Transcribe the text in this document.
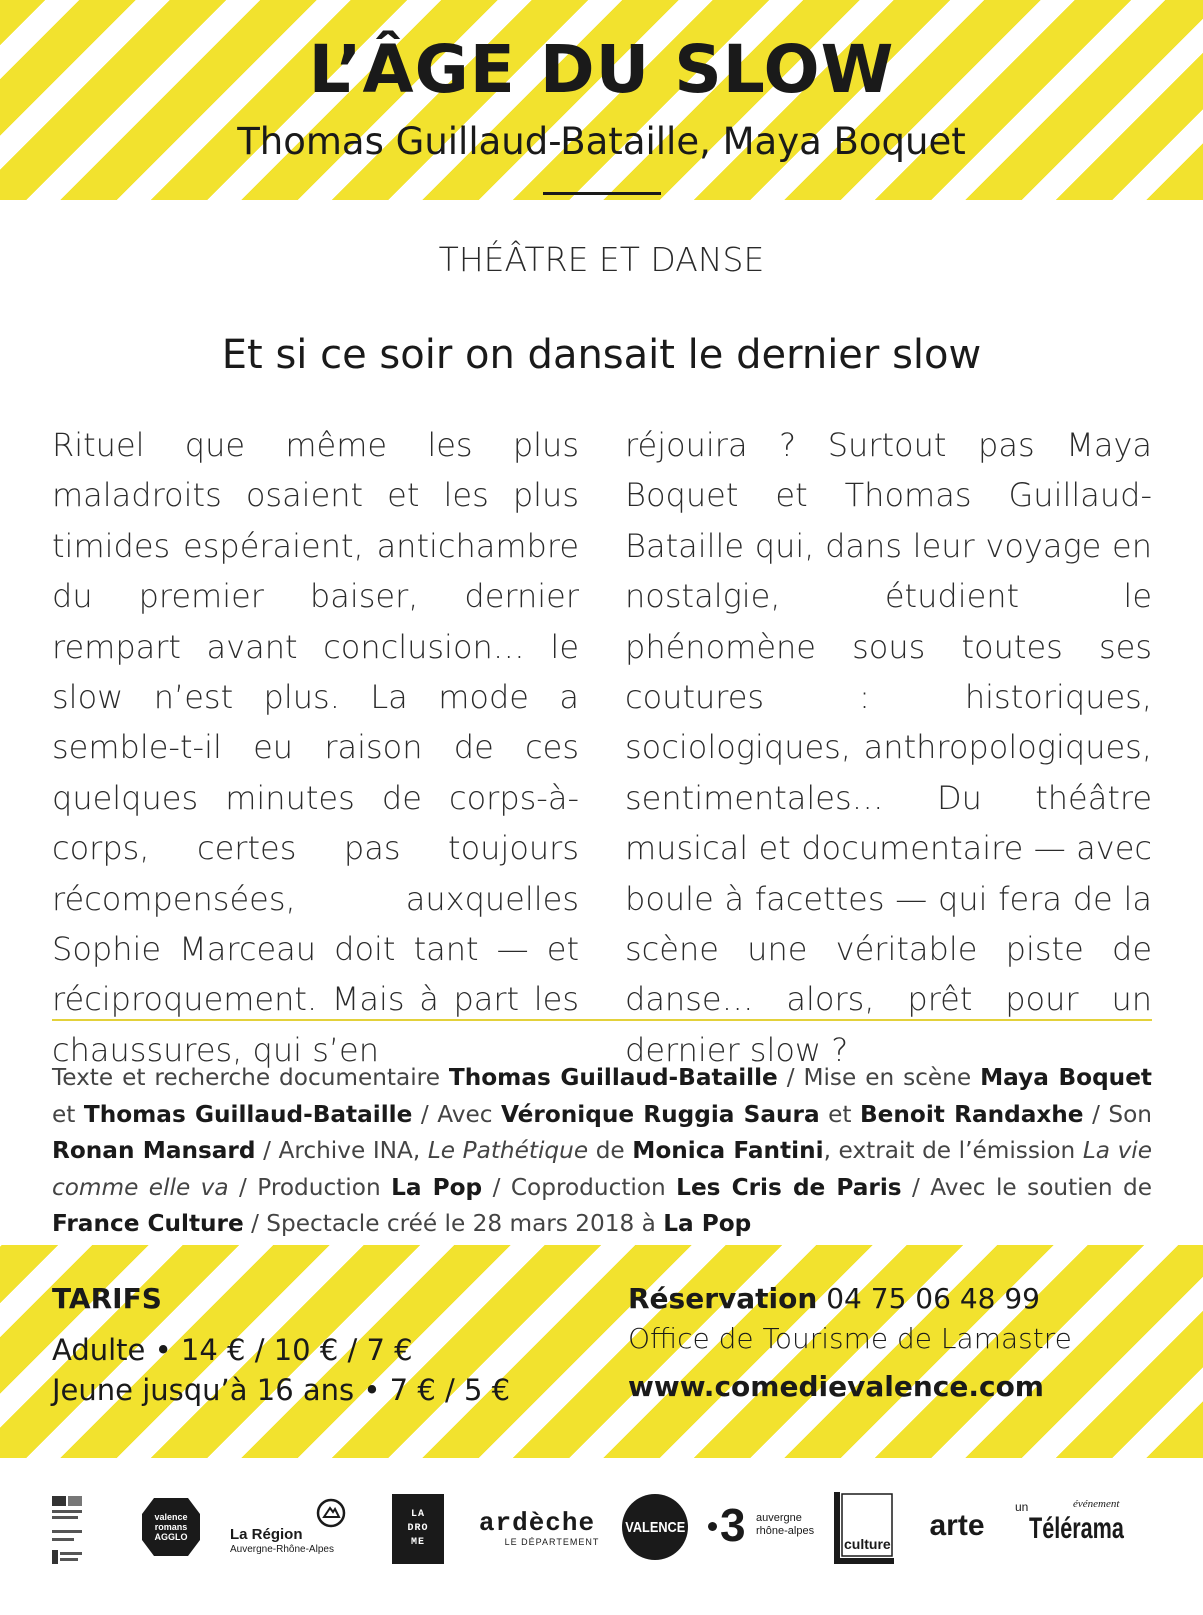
L’ÂGE DU SLOW
Thomas Guillaud-Bataille, Maya Boquet
THÉÂTRE ET DANSE
Et si ce soir on dansait le dernier slow
Rituel que même les plus maladroits osaient et les plus timides espéraient, antichambre du premier baiser, dernier rempart avant conclusion… le slow n’est plus. La mode a semble-t-il eu raison de ces quelques minutes de corps-à-corps, certes pas toujours récompensées, auxquelles Sophie Marceau doit tant — et réciproquement. Mais à part les chaussures, qui s’en
réjouira ? Surtout pas Maya Boquet et Thomas Guillaud-Bataille qui, dans leur voyage en nostalgie, étudient le phénomène sous toutes ses coutures : historiques, sociologiques, anthropologiques, sentimentales… Du théâtre musical et documentaire — avec boule à facettes — qui fera de la scène une véritable piste de danse… alors, prêt pour un dernier slow ?
Texte et recherche documentaire Thomas Guillaud-Bataille / Mise en scène Maya Boquet et Thomas Guillaud-Bataille / Avec Véronique Ruggia Saura et Benoit Randaxhe / Son Ronan Mansard / Archive INA, Le Pathétique de Monica Fantini, extrait de l’émission La vie comme elle va / Production La Pop / Coproduction Les Cris de Paris / Avec le soutien de France Culture / Spectacle créé le 28 mars 2018 à La Pop
TARIFS
Adulte • 14 € / 10 € / 7 €
Jeune jusqu’à 16 ans • 7 € / 5 €
Réservation 04 75 06 48 99
Office de Tourisme de Lamastre
www.comedievalence.com
valence romans AGGLO	La Région
Auvergne-Rhône-Alpes
LA DRO ME
ardèche
LE DÉPARTEMENT
VALENCE 3 auvergne rhône-alpes
culture
arte
un	événement
Télérama
